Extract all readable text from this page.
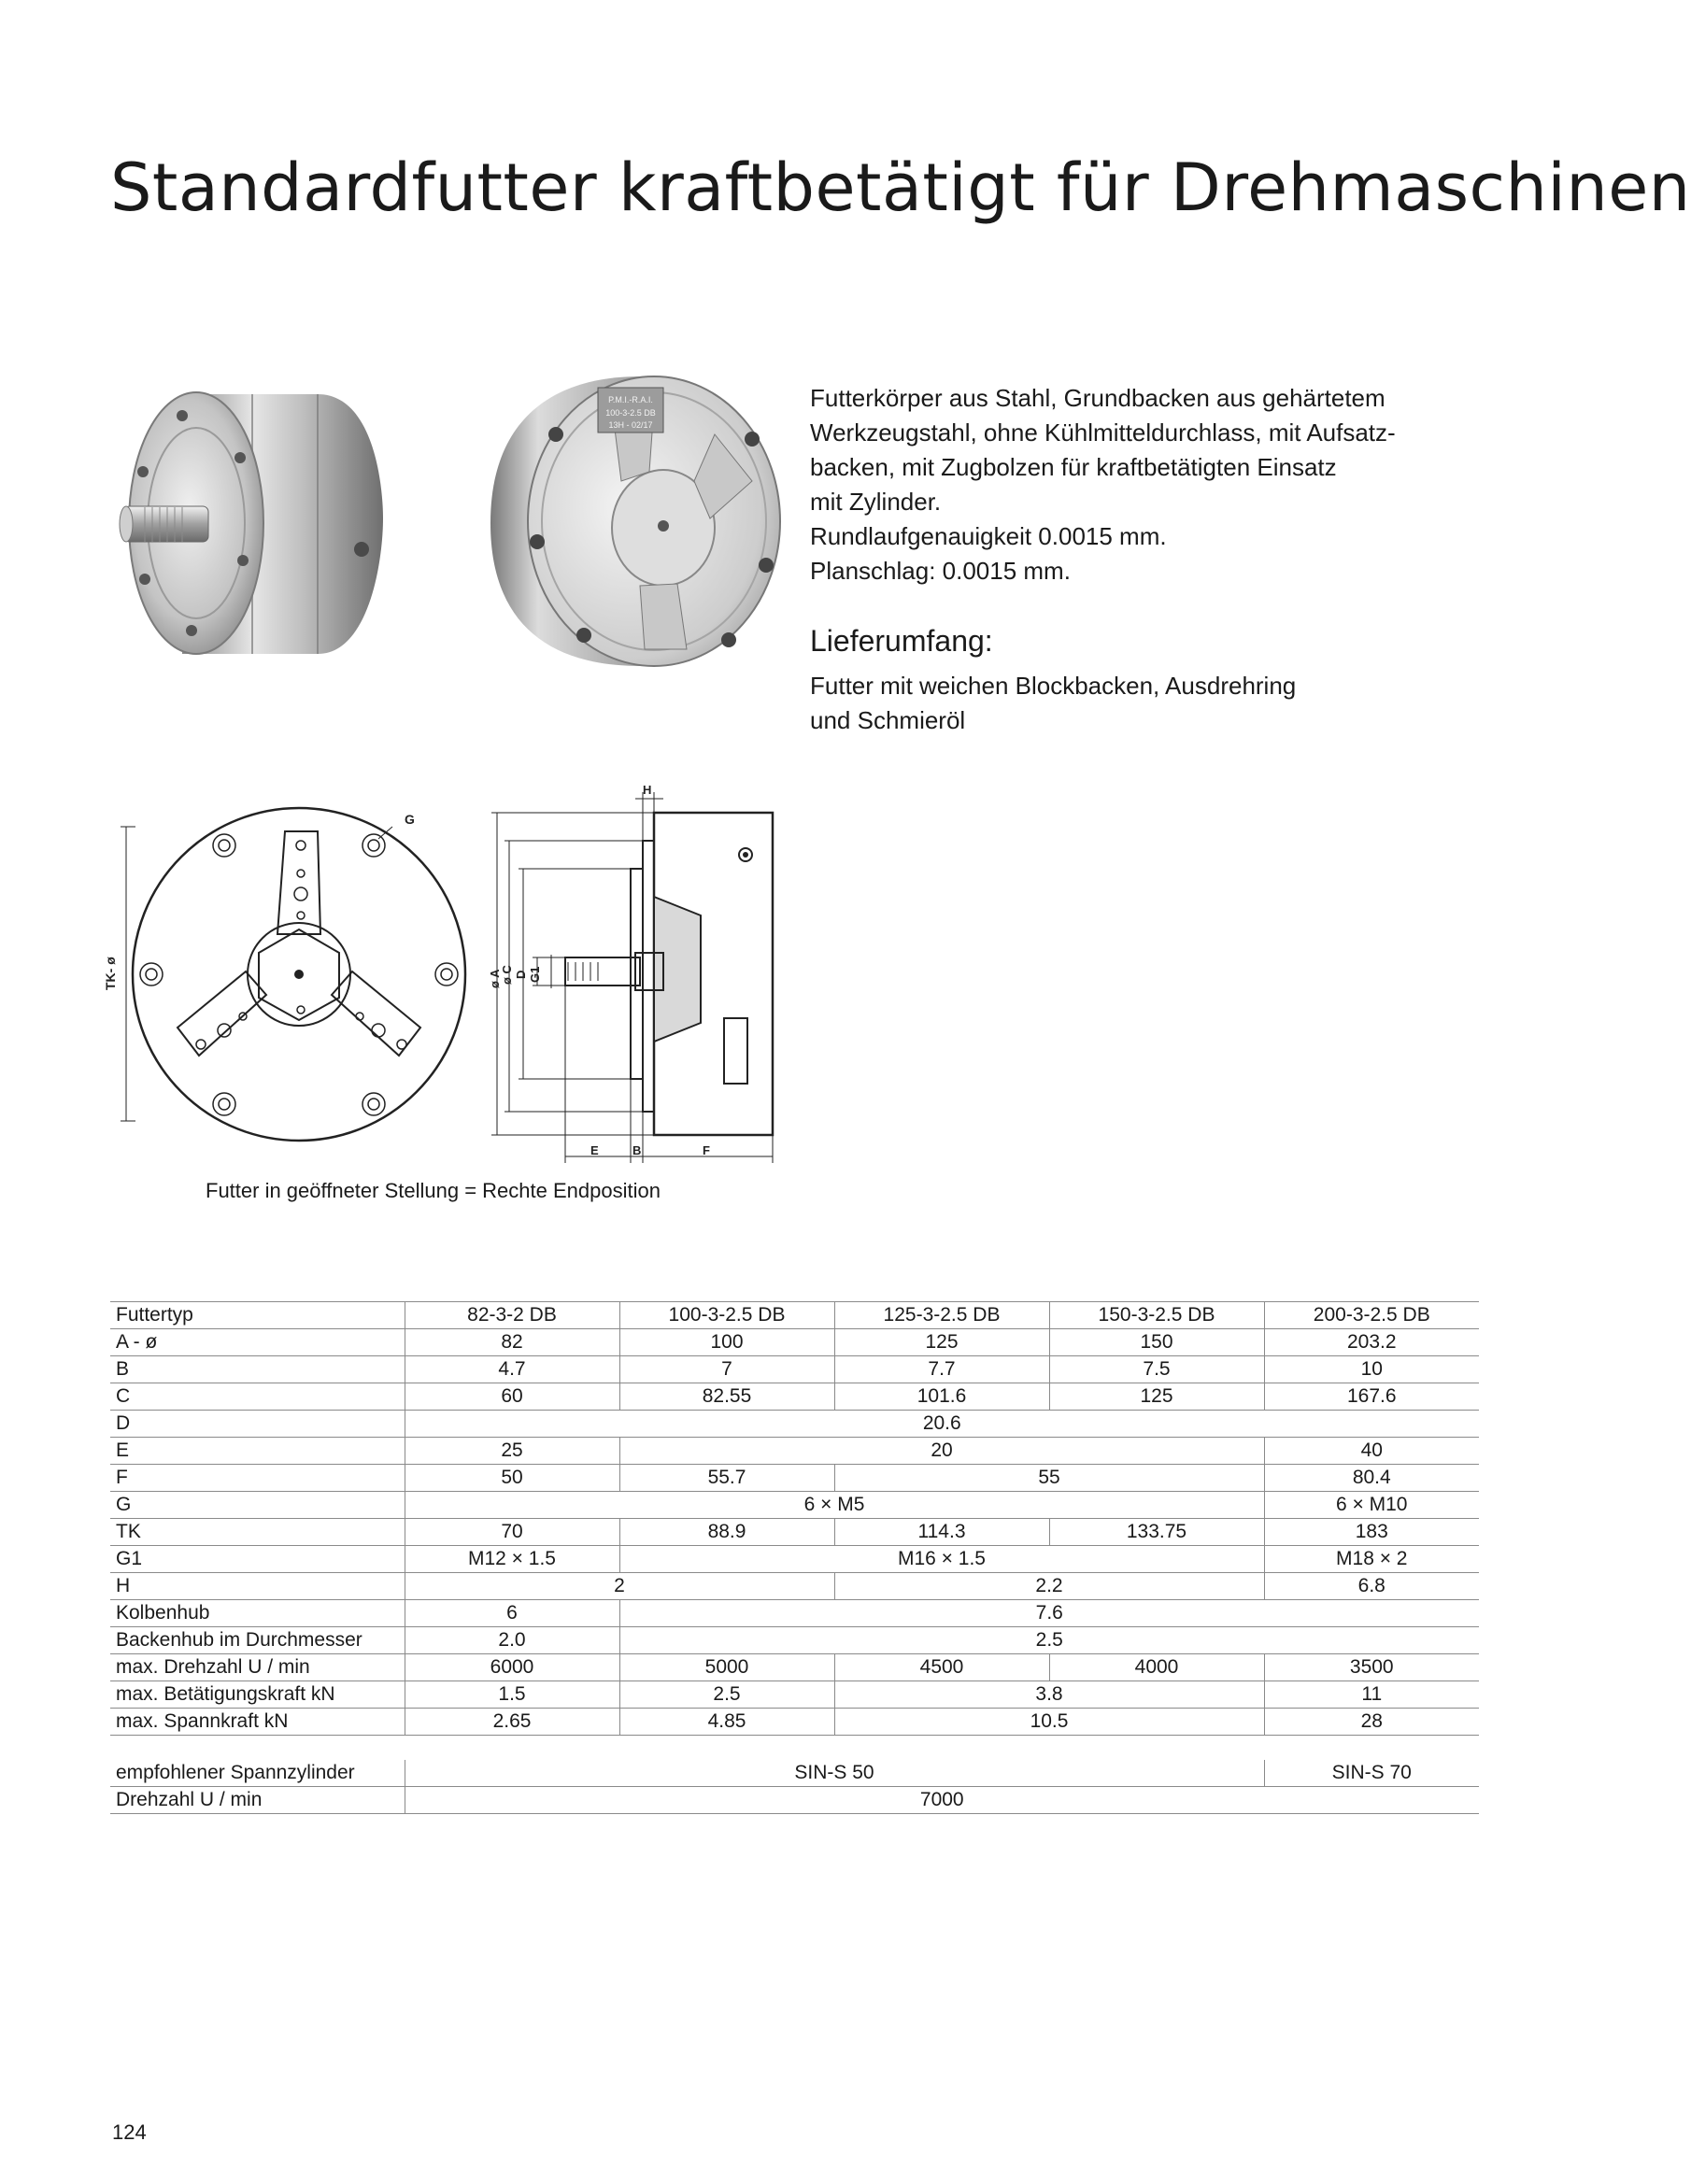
Standardfutter kraftbetätigt für Drehmaschinen
P.M.I.-R.A.I.
100-3-2.5 DB
13H - 02/17

Futterkörper aus Stahl, Grundbacken aus gehärtetem

Werkzeugstahl, ohne Kühlmitteldurchlass, mit Aufsatz-

backen, mit Zugbolzen für kraftbetätigten Einsatz

mit Zylinder.

Rundlaufgenauigkeit 0.0015 mm.

Planschlag: 0.0015 mm.

Lieferumfang:

Futter mit weichen Blockbacken, Ausdrehring

und Schmieröl

G
TK- ø
H
ø A
ø C D G1
E	B	F
Futter in geöffneter Stellung = Rechte Endposition
Futtertyp	82-3-2 DB	100-3-2.5 DB	125-3-2.5 DB	150-3-2.5 DB	200-3-2.5 DB
A - ø	82	100	125	150	203.2
B	4.7	7	7.7	7.5	10
C	60	82.55	101.6	125	167.6
D	20.6				
E	25	20			40
F	50	55.7	55		80.4
G	6 × M5				6 × M10
TK	70	88.9	114.3	133.75	183
G1	M12 × 1.5	M16 × 1.5			M18 × 2
H	2		2.2		6.8
Kolbenhub	6	7.6			
Backenhub im Durchmesser	2.0	2.5			
max. Drehzahl U / min	6000	5000	4500	4000	3500
max. Betätigungskraft kN	1.5	2.5	3.8		11
max. Spannkraft kN	2.65	4.85	10.5		28

empfohlener Spannzylinder	SIN-S 50				SIN-S 70
Drehzahl U / min	7000				
124
